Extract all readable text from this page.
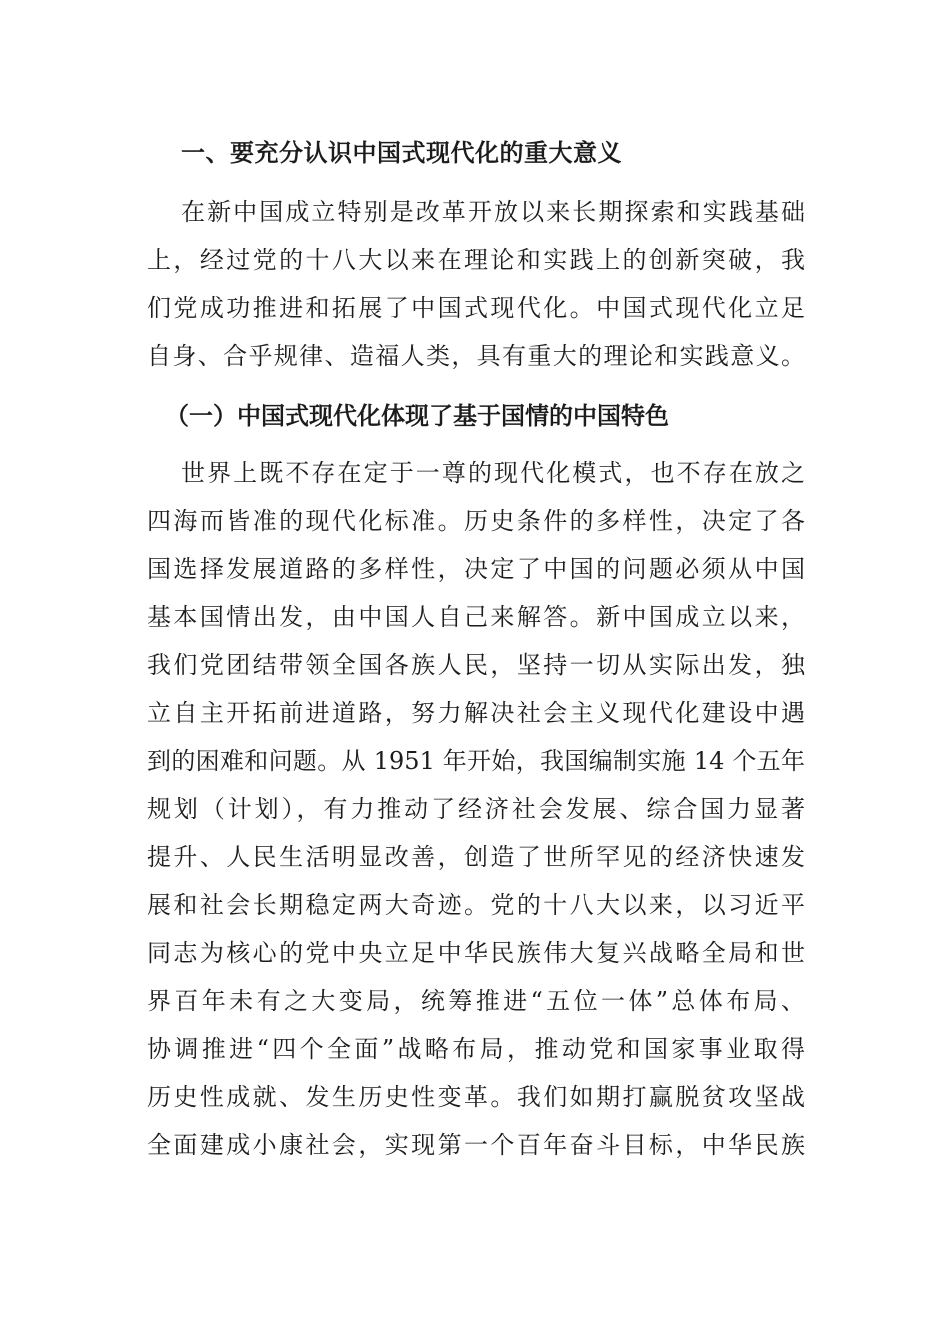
一、要充分认识中国式现代化的重大意义
在新中国成立特别是改革开放以来长期探索和实践基础
上，经过党的十八大以来在理论和实践上的创新突破，我
们党成功推进和拓展了中国式现代化。中国式现代化立足
自身、合乎规律、造福人类，具有重大的理论和实践意义。
（一）中国式现代化体现了基于国情的中国特色
世界上既不存在定于一尊的现代化模式，也不存在放之
四海而皆准的现代化标准。历史条件的多样性，决定了各
国选择发展道路的多样性，决定了中国的问题必须从中国
基本国情出发，由中国人自己来解答。新中国成立以来，
我们党团结带领全国各族人民，坚持一切从实际出发，独
立自主开拓前进道路，努力解决社会主义现代化建设中遇
到的困难和问题。从 1951 年开始，我国编制实施 14 个五年
规划（计划），有力推动了经济社会发展、综合国力显著
提升、人民生活明显改善，创造了世所罕见的经济快速发
展和社会长期稳定两大奇迹。党的十八大以来，以习近平
同志为核心的党中央立足中华民族伟大复兴战略全局和世
界百年未有之大变局，统筹推进“五位一体”总体布局、
协调推进“四个全面”战略布局，推动党和国家事业取得
历史性成就、发生历史性变革。我们如期打赢脱贫攻坚战
全面建成小康社会，实现第一个百年奋斗目标，中华民族
